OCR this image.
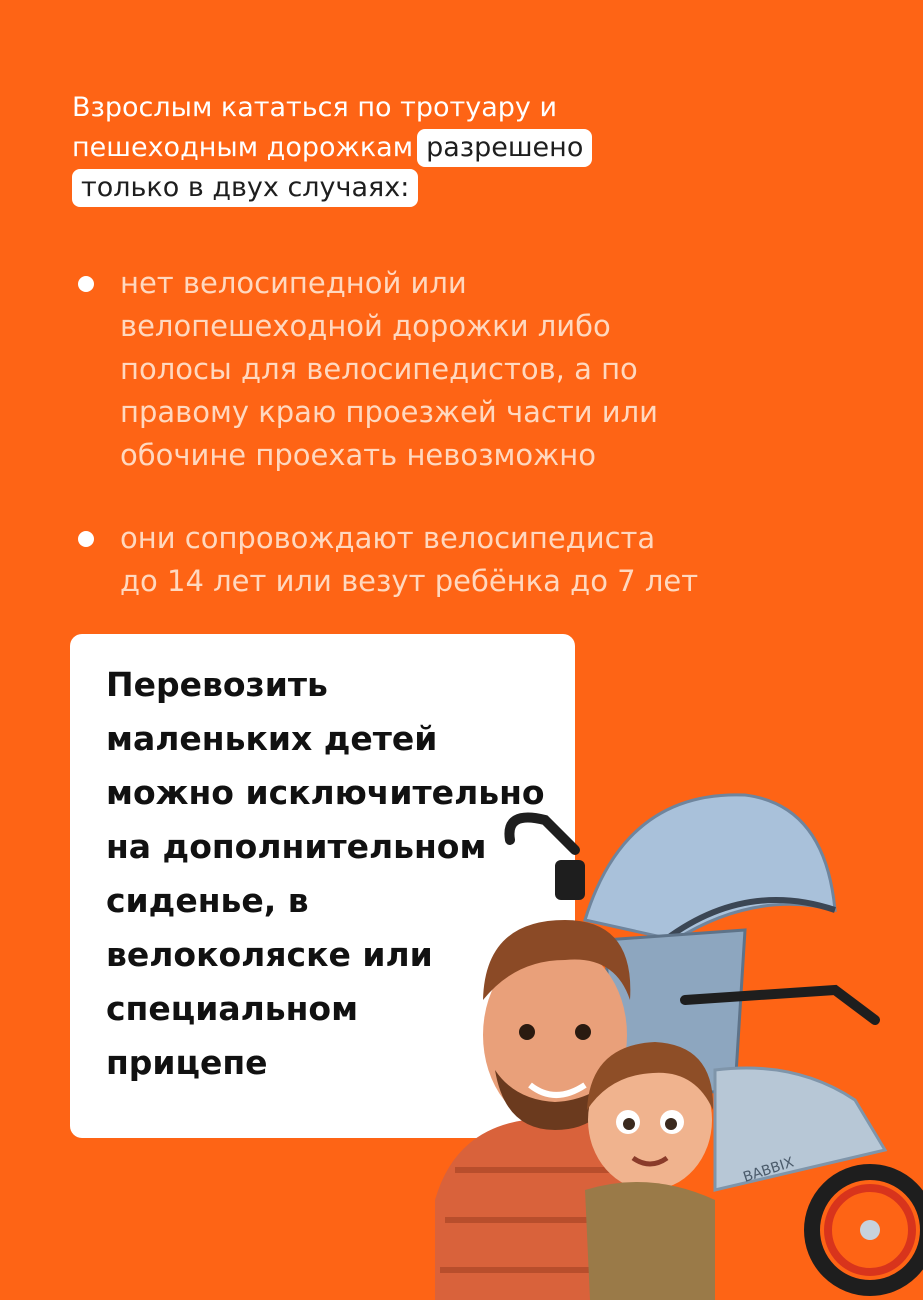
Взрослым кататься по тротуару и
пешеходным дорожкам разрешено
только в двух случаях:
нет велосипедной или
велопешеходной дорожки либо
полосы для велосипедистов, а по
правому краю проезжей части или
обочине проехать невозможно
они сопровождают велосипедиста
до 14 лет или везут ребёнка до 7 лет
Перевозить
маленьких детей
можно исключительно
на дополнительном
сиденье, в
велоколяске или
специальном
прицепе
BABBIX
